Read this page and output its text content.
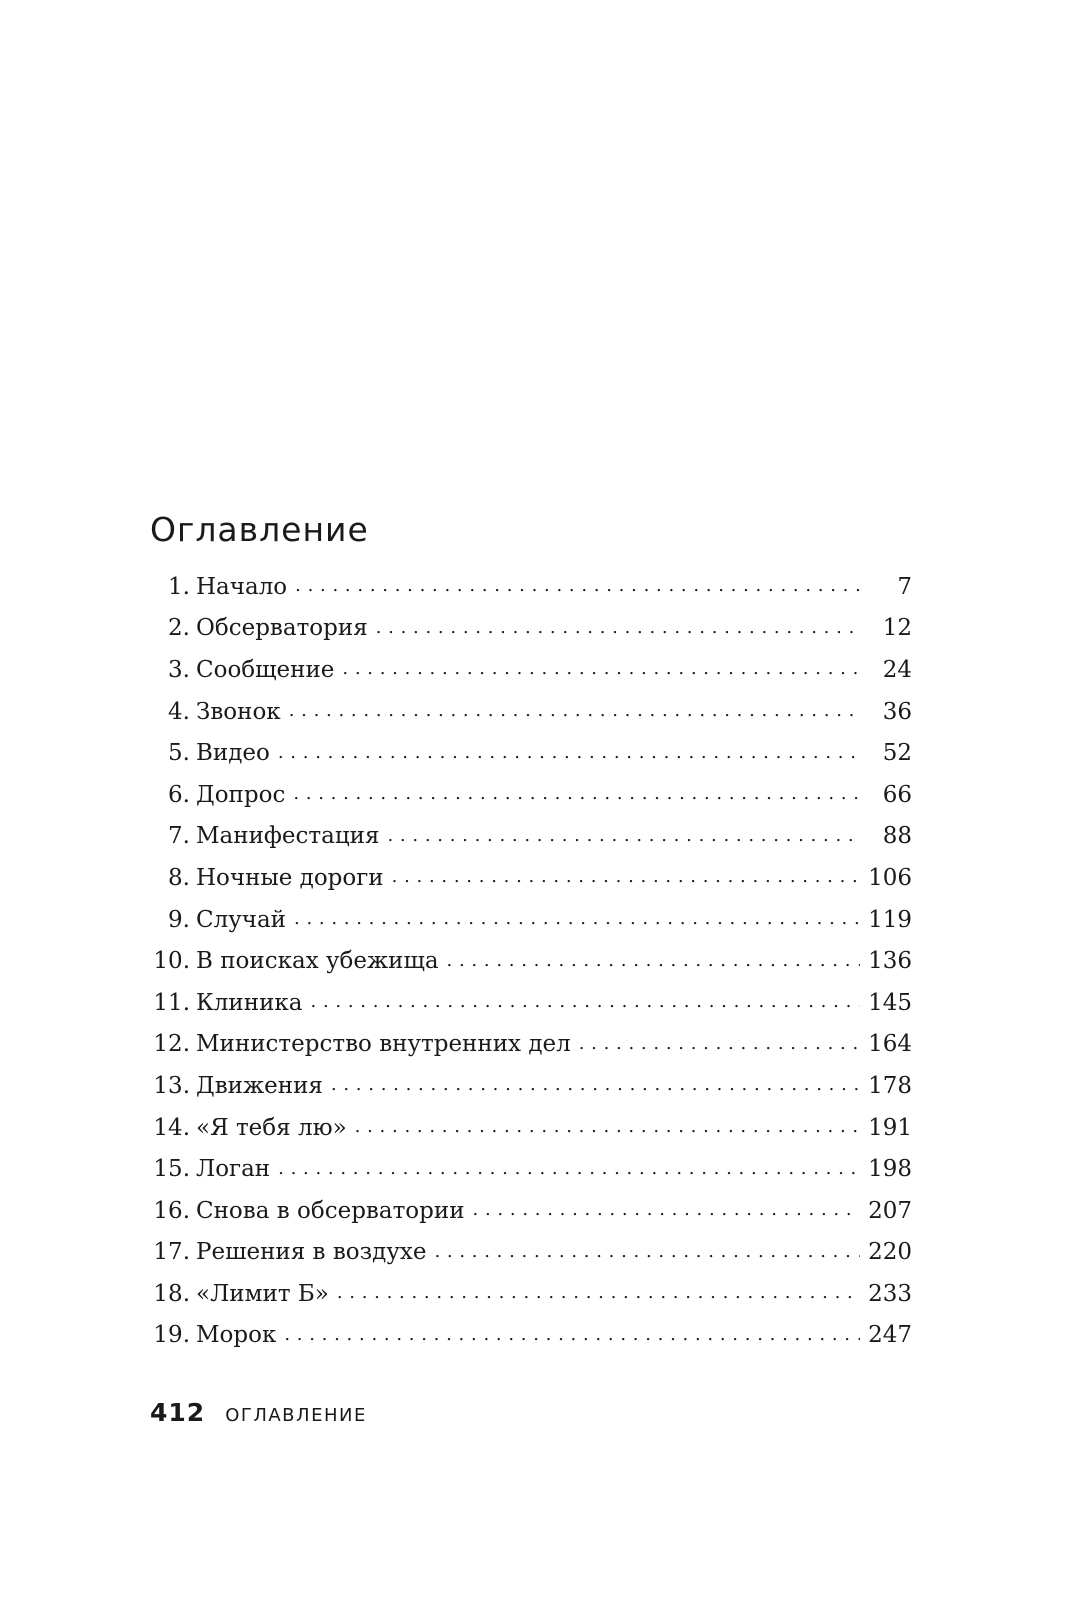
Оглавление
1. Начало . . .	7
2. Обсерватория . . .	12
3. Сообщение . . .	24
4. Звонок . . .	36
5. Видео . . .	52
6. Допрос . . .	66
7. Манифестация . . .	88
8. Ночные дороги . . .	106
9. Случай . . .	119
10. В поисках убежища . . .	136
11. Клиника . . .	145
12. Министерство внутренних дел . . .	164
13. Движения . . .	178
14. «Я тебя лю» . . .	191
15. Логан . . .	198
16. Снова в обсерватории . . .	207
17. Решения в воздухе . . .	220
18. «Лимит Б» . . .	233
19. Морок . . .	247
412 ОГЛАВЛЕНИЕ
